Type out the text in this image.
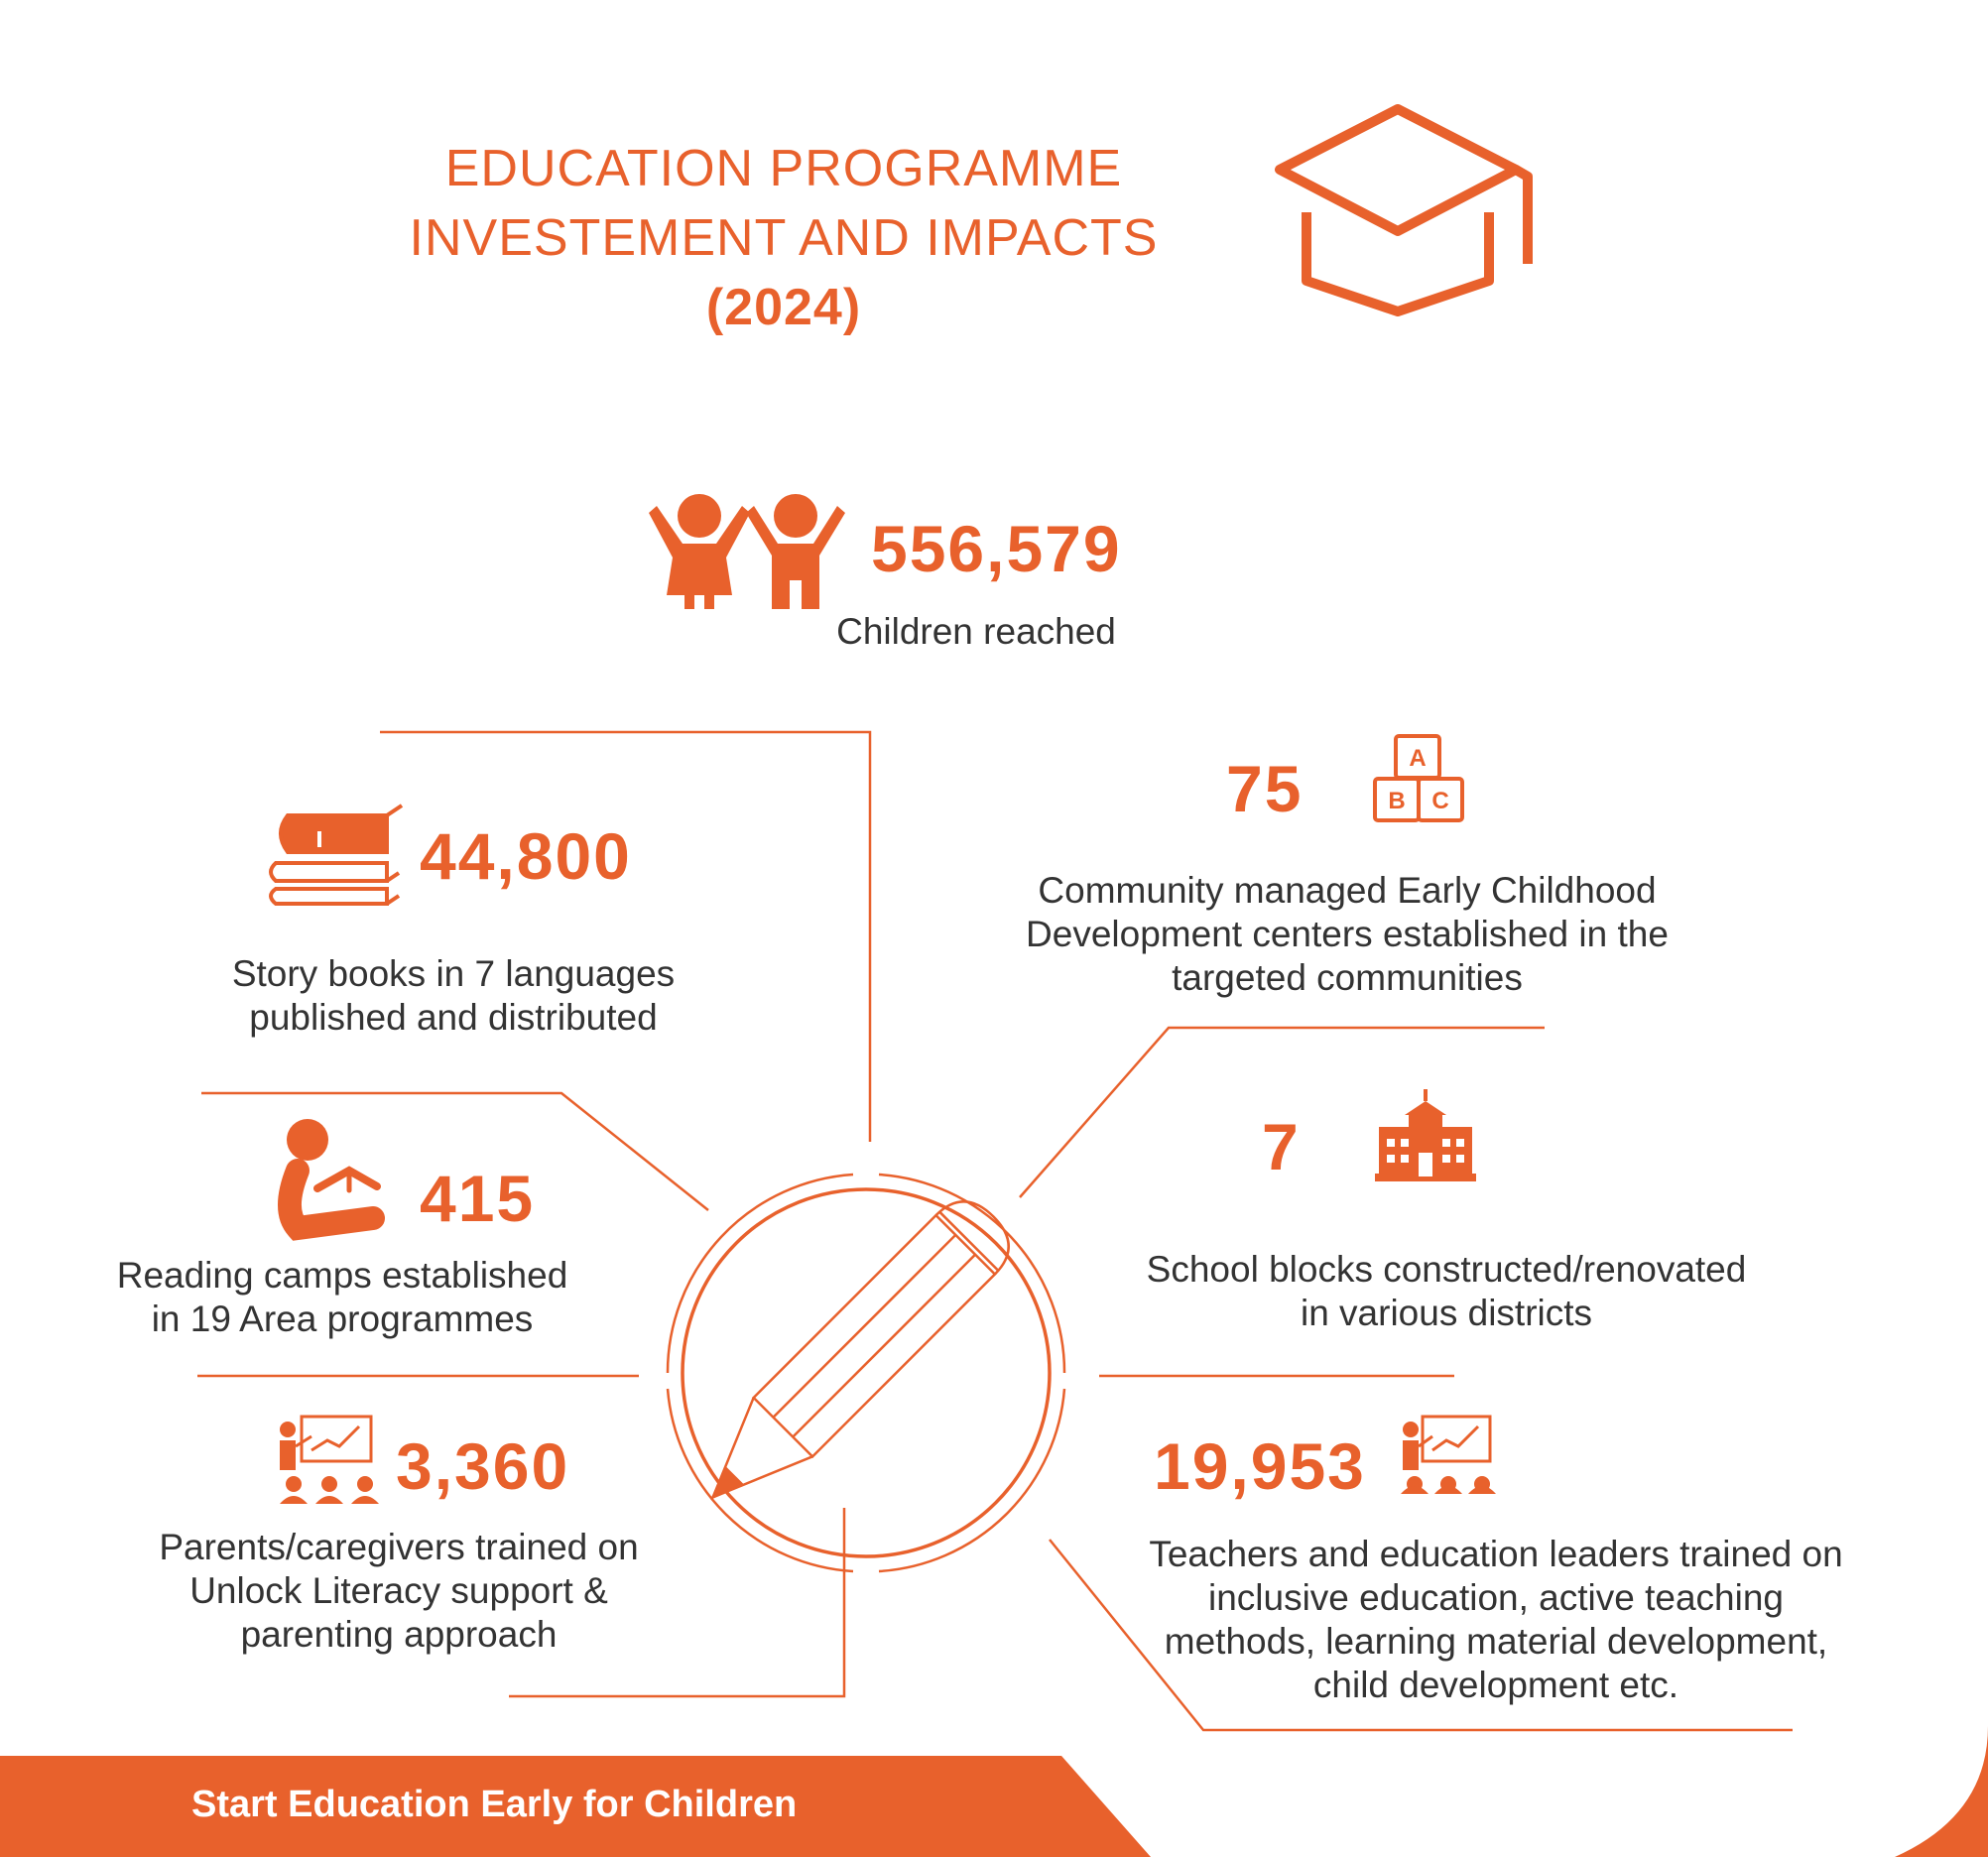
A
B C
EDUCATION PROGRAMME
INVESTEMENT AND IMPACTS
(2024)
556,579
Children reached
44,800
Story books in 7 languages
published and distributed
75
Community managed Early Childhood
Development centers established in the
targeted communities
415
Reading camps established
in 19 Area programmes
7
School blocks constructed/renovated
in various districts
3,360
Parents/caregivers trained on
Unlock Literacy support &
parenting approach
19,953
Teachers and education leaders trained on
inclusive education, active teaching
methods, learning material development,
child development etc.
Start Education Early for Children
